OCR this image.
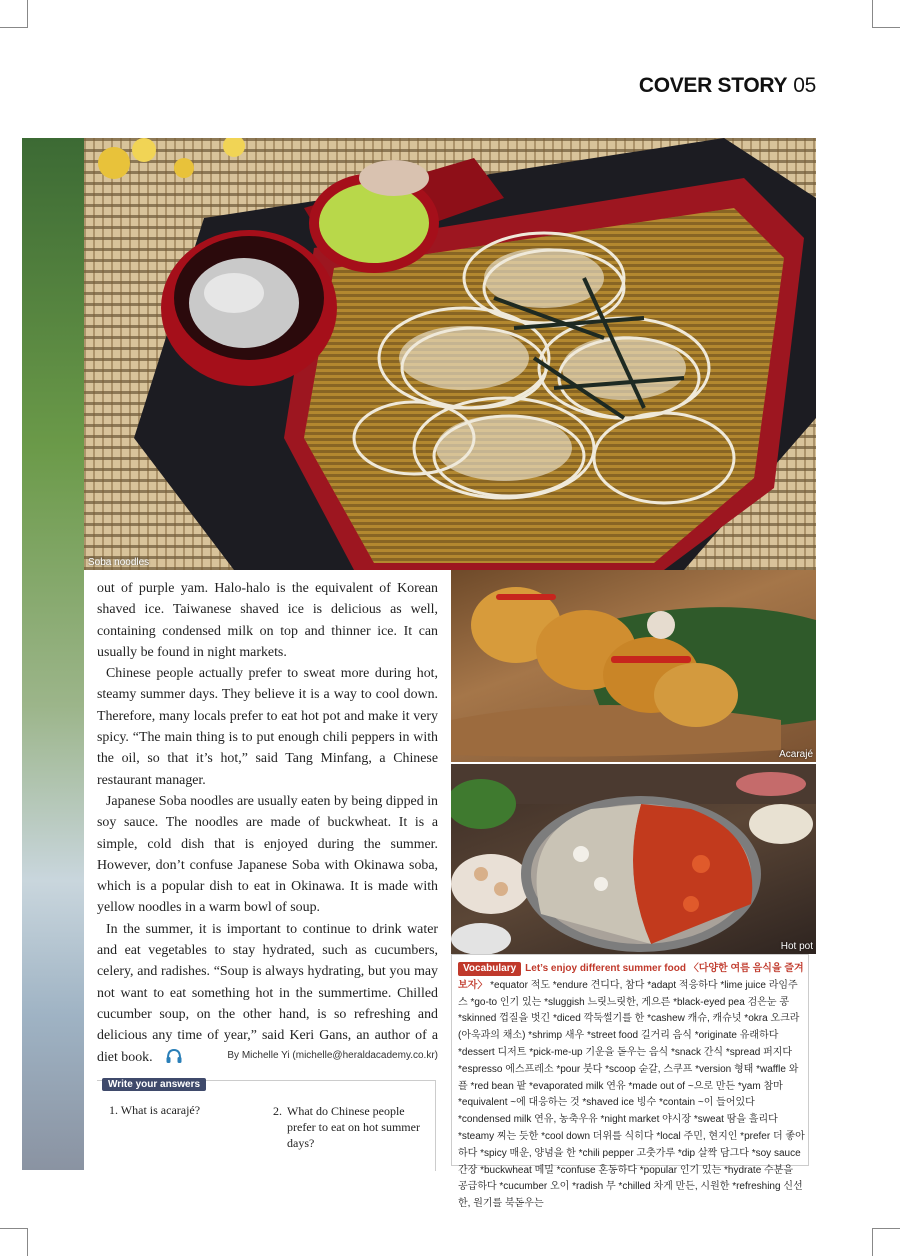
COVER STORY 05
Soba noodles
Acarajé
Hot pot

out of purple yam. Halo-halo is the equivalent of Korean shaved ice. Taiwanese shaved ice is delicious as well, containing condensed milk on top and thinner ice. It can usually be found in night markets.

Chinese people actually prefer to sweat more during hot, steamy summer days. They believe it is a way to cool down. Therefore, many locals prefer to eat hot pot and make it very spicy. “The main thing is to put enough chili peppers in with the oil, so that it’s hot,” said Tang Minfang, a Chinese restaurant manager.

Japanese Soba noodles are usually eaten by being dipped in soy sauce. The noodles are made of buckwheat. It is a simple, cold dish that is enjoyed during the summer. However, don’t confuse Japanese Soba with Okinawa soba, which is a popular dish to eat in Okinawa. It is made with yellow noodles in a warm bowl of soup.

In the summer, it is important to continue to drink water and eat vegetables to stay hydrated, such as cucumbers, celery, and radishes. “Soup is always hydrating, but you may not want to eat something hot in the summertime. Chilled cucumber soup, on the other hand, is so refreshing and delicious any time of year,” said Keri Gans, an author of a diet book.	By Michelle Yi (michelle@heraldacademy.co.kr)
Write your answers
1. What is acarajé?	2. What do Chinese people prefer to eat on hot summer days?
Vocabulary Let’s enjoy different summer food 〈다양한 여름 음식을 즐겨보자〉 *equator 적도 *endure 견디다, 참다 *adapt 적응하다 *lime juice 라임주스 *go-to 인기 있는 *sluggish 느릿느릿한, 게으른 *black-eyed pea 검은눈 콩 *skinned 껍질을 벗긴 *diced 깍둑썰기를 한 *cashew 캐슈, 캐슈넛 *okra 오크라 (아욱과의 채소) *shrimp 새우 *street food 길거리 음식 *originate 유래하다 *dessert 디저트 *pick-me-up 기운을 돋우는 음식 *snack 간식 *spread 퍼지다 *espresso 에스프레소 *pour 붓다 *scoop 숟갈, 스쿠프 *version 형태 *waffle 와플 *red bean 팥 *evaporated milk 연유 *made out of ~으로 만든 *yam 참마 *equivalent ~에 대응하는 것 *shaved ice 빙수 *contain ~이 들어있다 *condensed milk 연유, 농축우유 *night market 야시장 *sweat 땀을 흘리다 *steamy 찌는 듯한 *cool down 더위를 식히다 *local 주민, 현지인 *prefer 더 좋아하다 *spicy 매운, 양념을 한 *chili pepper 고춧가루 *dip 살짝 담그다 *soy sauce 간장 *buckwheat 메밀 *confuse 혼동하다 *popular 인기 있는 *hydrate 수분을 공급하다 *cucumber 오이 *radish 무 *chilled 차게 만든, 시원한 *refreshing 신선한, 원기를 북돋우는
